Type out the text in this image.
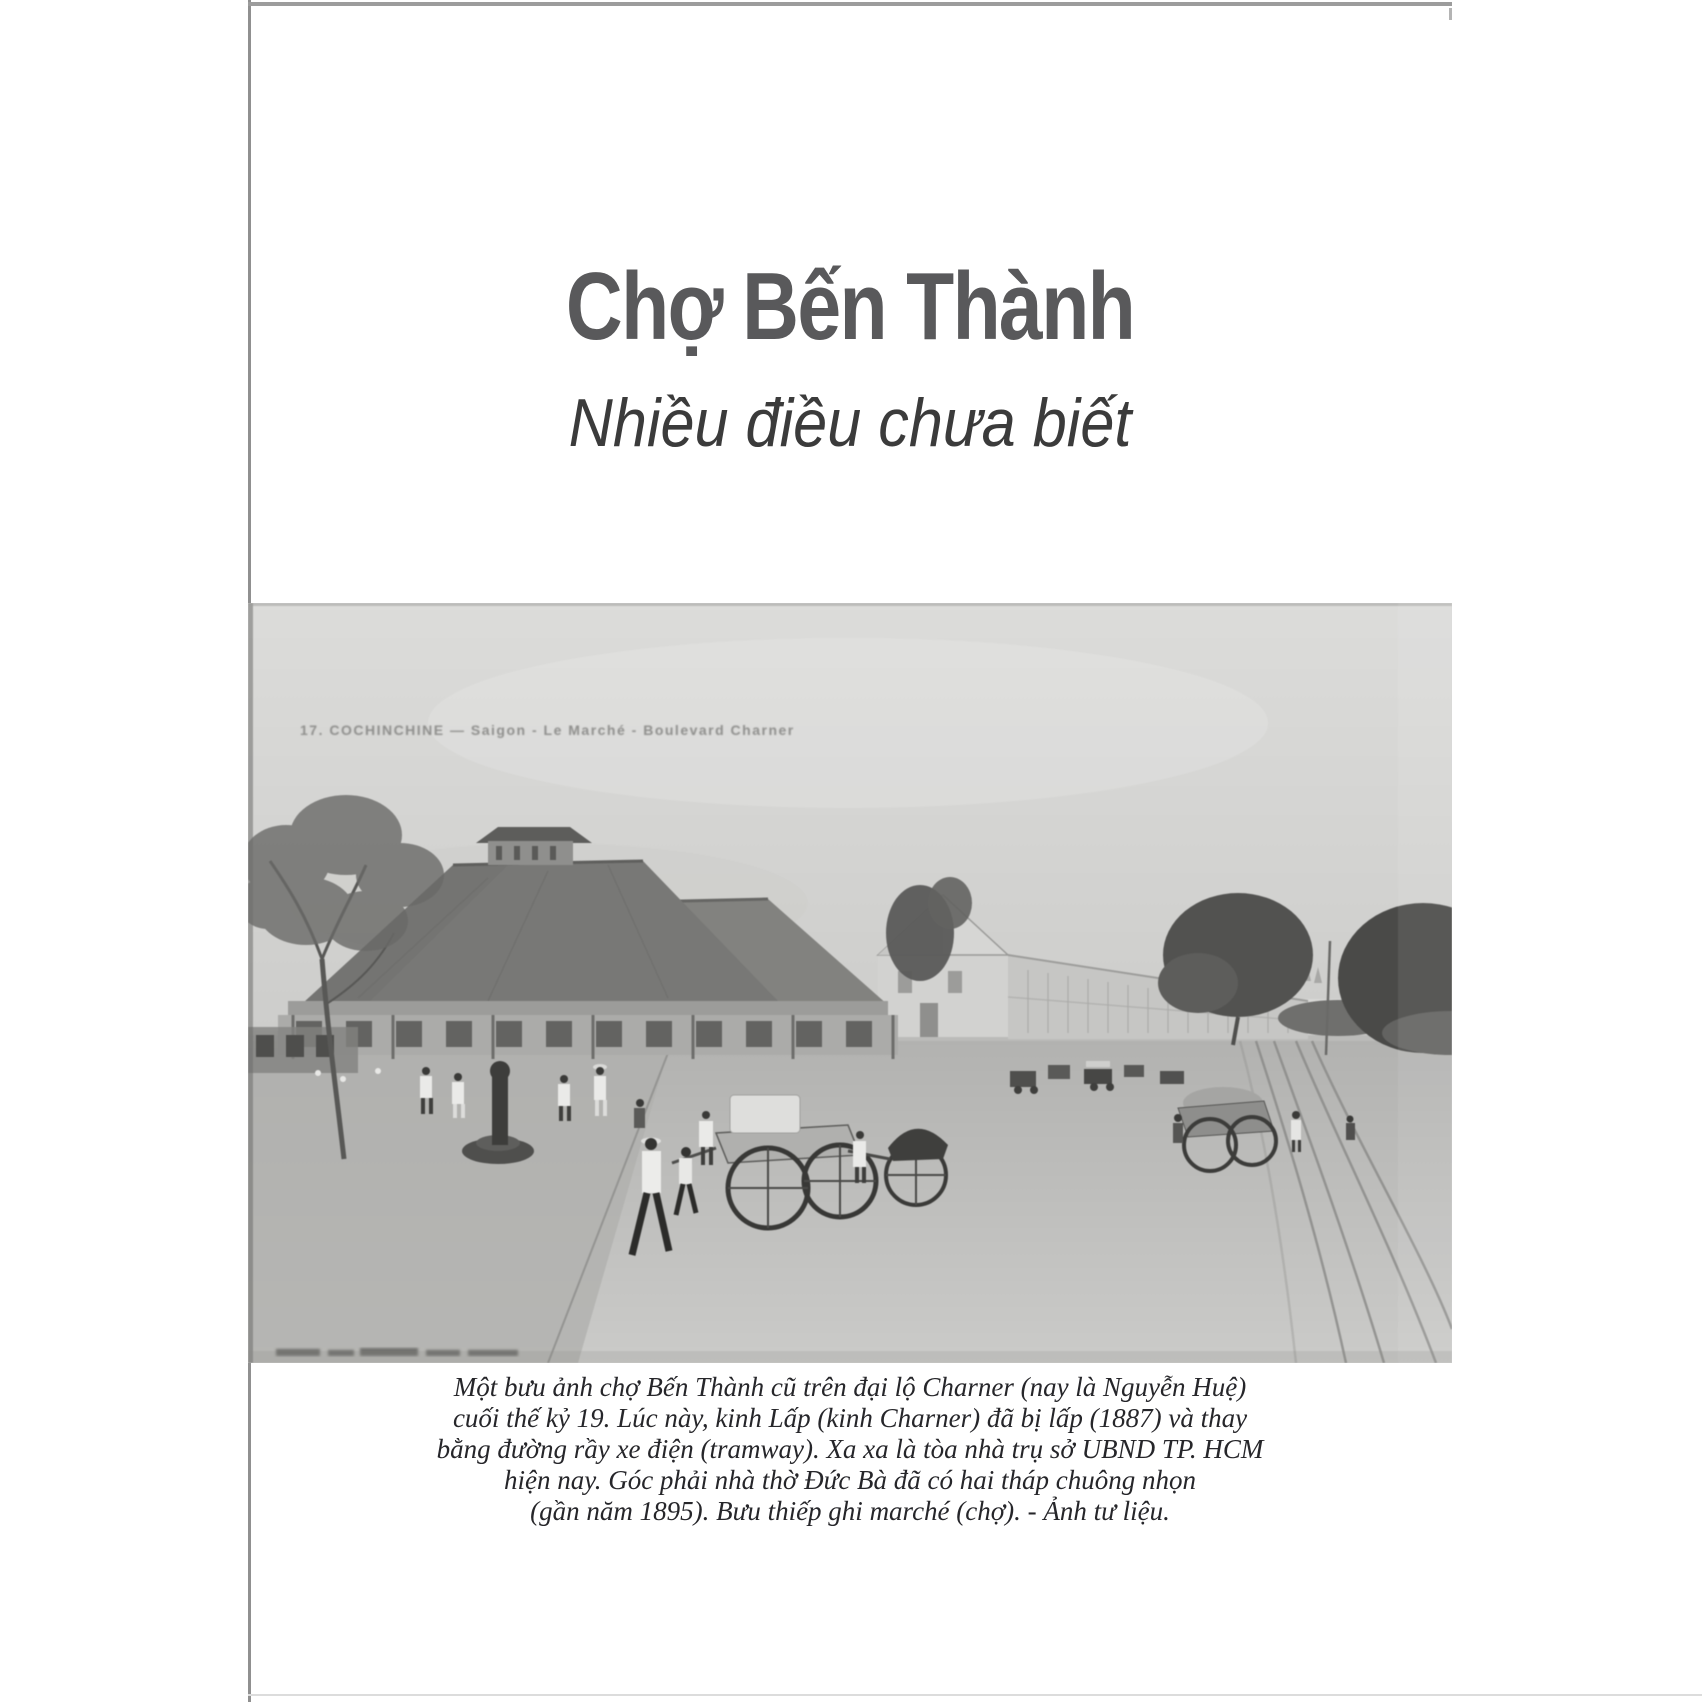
Chợ Bến Thành
Nhiều điều chưa biết
17. COCHINCHINE — Saigon - Le Marché - Boulevard Charner
Một bưu ảnh chợ Bến Thành cũ trên đại lộ Charner (nay là Nguyễn Huệ)
cuối thế kỷ 19. Lúc này, kinh Lấp (kinh Charner) đã bị lấp (1887) và thay
bằng đường rầy xe điện (tramway). Xa xa là tòa nhà trụ sở UBND TP. HCM
hiện nay. Góc phải nhà thờ Đức Bà đã có hai tháp chuông nhọn
(gần năm 1895). Bưu thiếp ghi marché (chợ). - Ảnh tư liệu.
